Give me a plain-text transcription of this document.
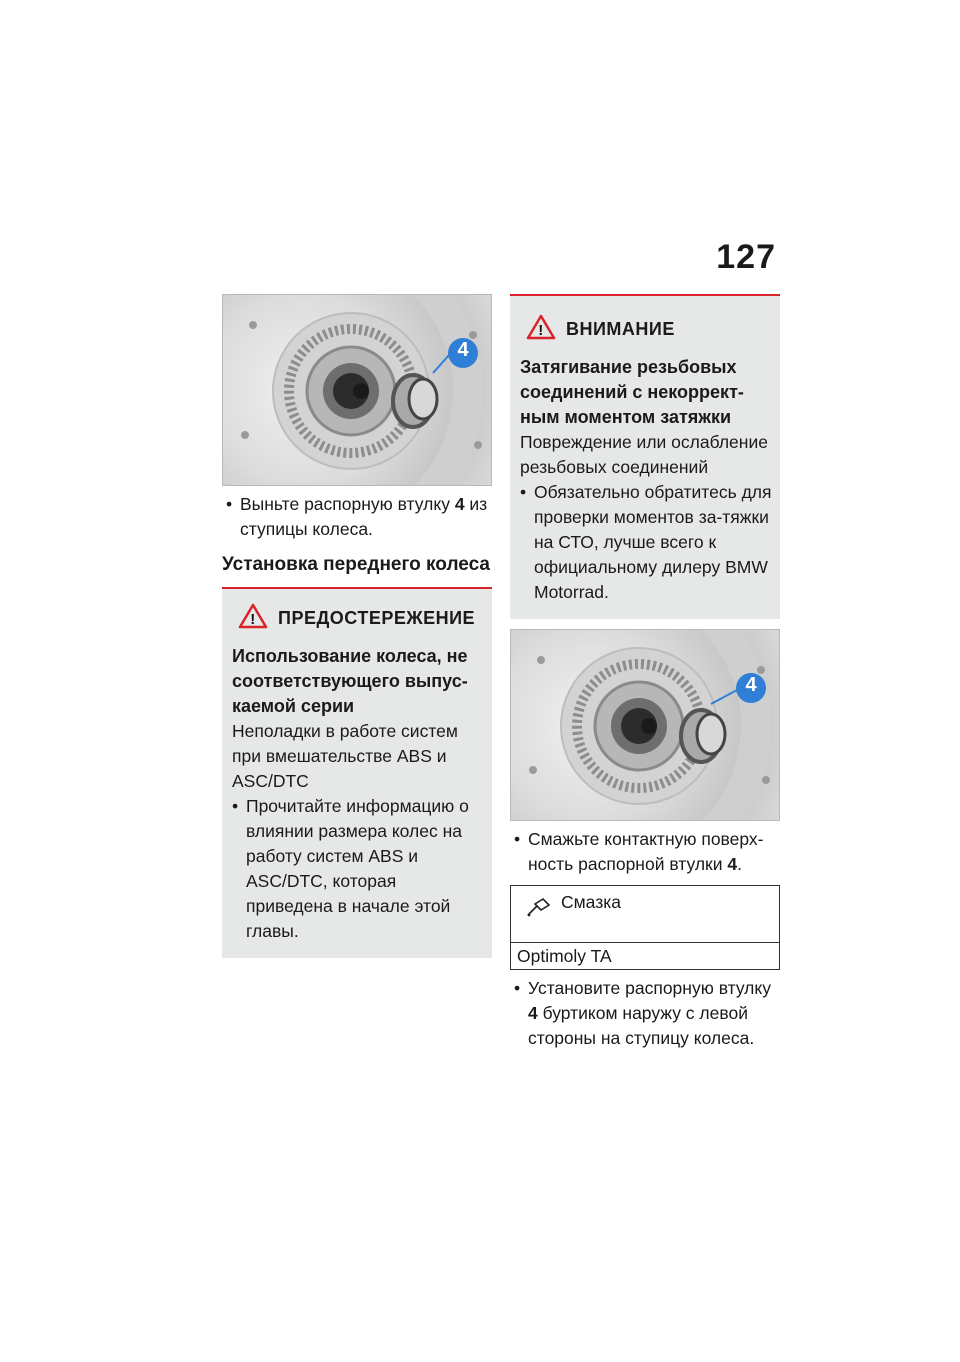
127
4

• Выньте распорную втулку 4 из ступицы колеса.

Установка переднего колеса
! ПРЕДОСТЕРЕЖЕНИЕ
Использование колеса, не соответствующего выпус-каемой серии
Неполадки в работе систем при вмешательстве ABS и ASC/DTC
• Прочитайте информацию о влиянии размера колес на работу систем ABS и ASC/DTC, которая приведена в начале этой главы.
! ВНИМАНИЕ
Затягивание резьбовых соединений с некоррект-ным моментом затяжки
Повреждение или ослабление резьбовых соединений
• Обязательно обратитесь для проверки моментов за-тяжки на СТО, лучше всего к официальному дилеру BMW Motorrad.
4

• Смажьте контактную поверх-ность распорной втулки 4.

Смазка
Optimoly TA

• Установите распорную втулку 4 буртиком наружу с левой стороны на ступицу колеса.
